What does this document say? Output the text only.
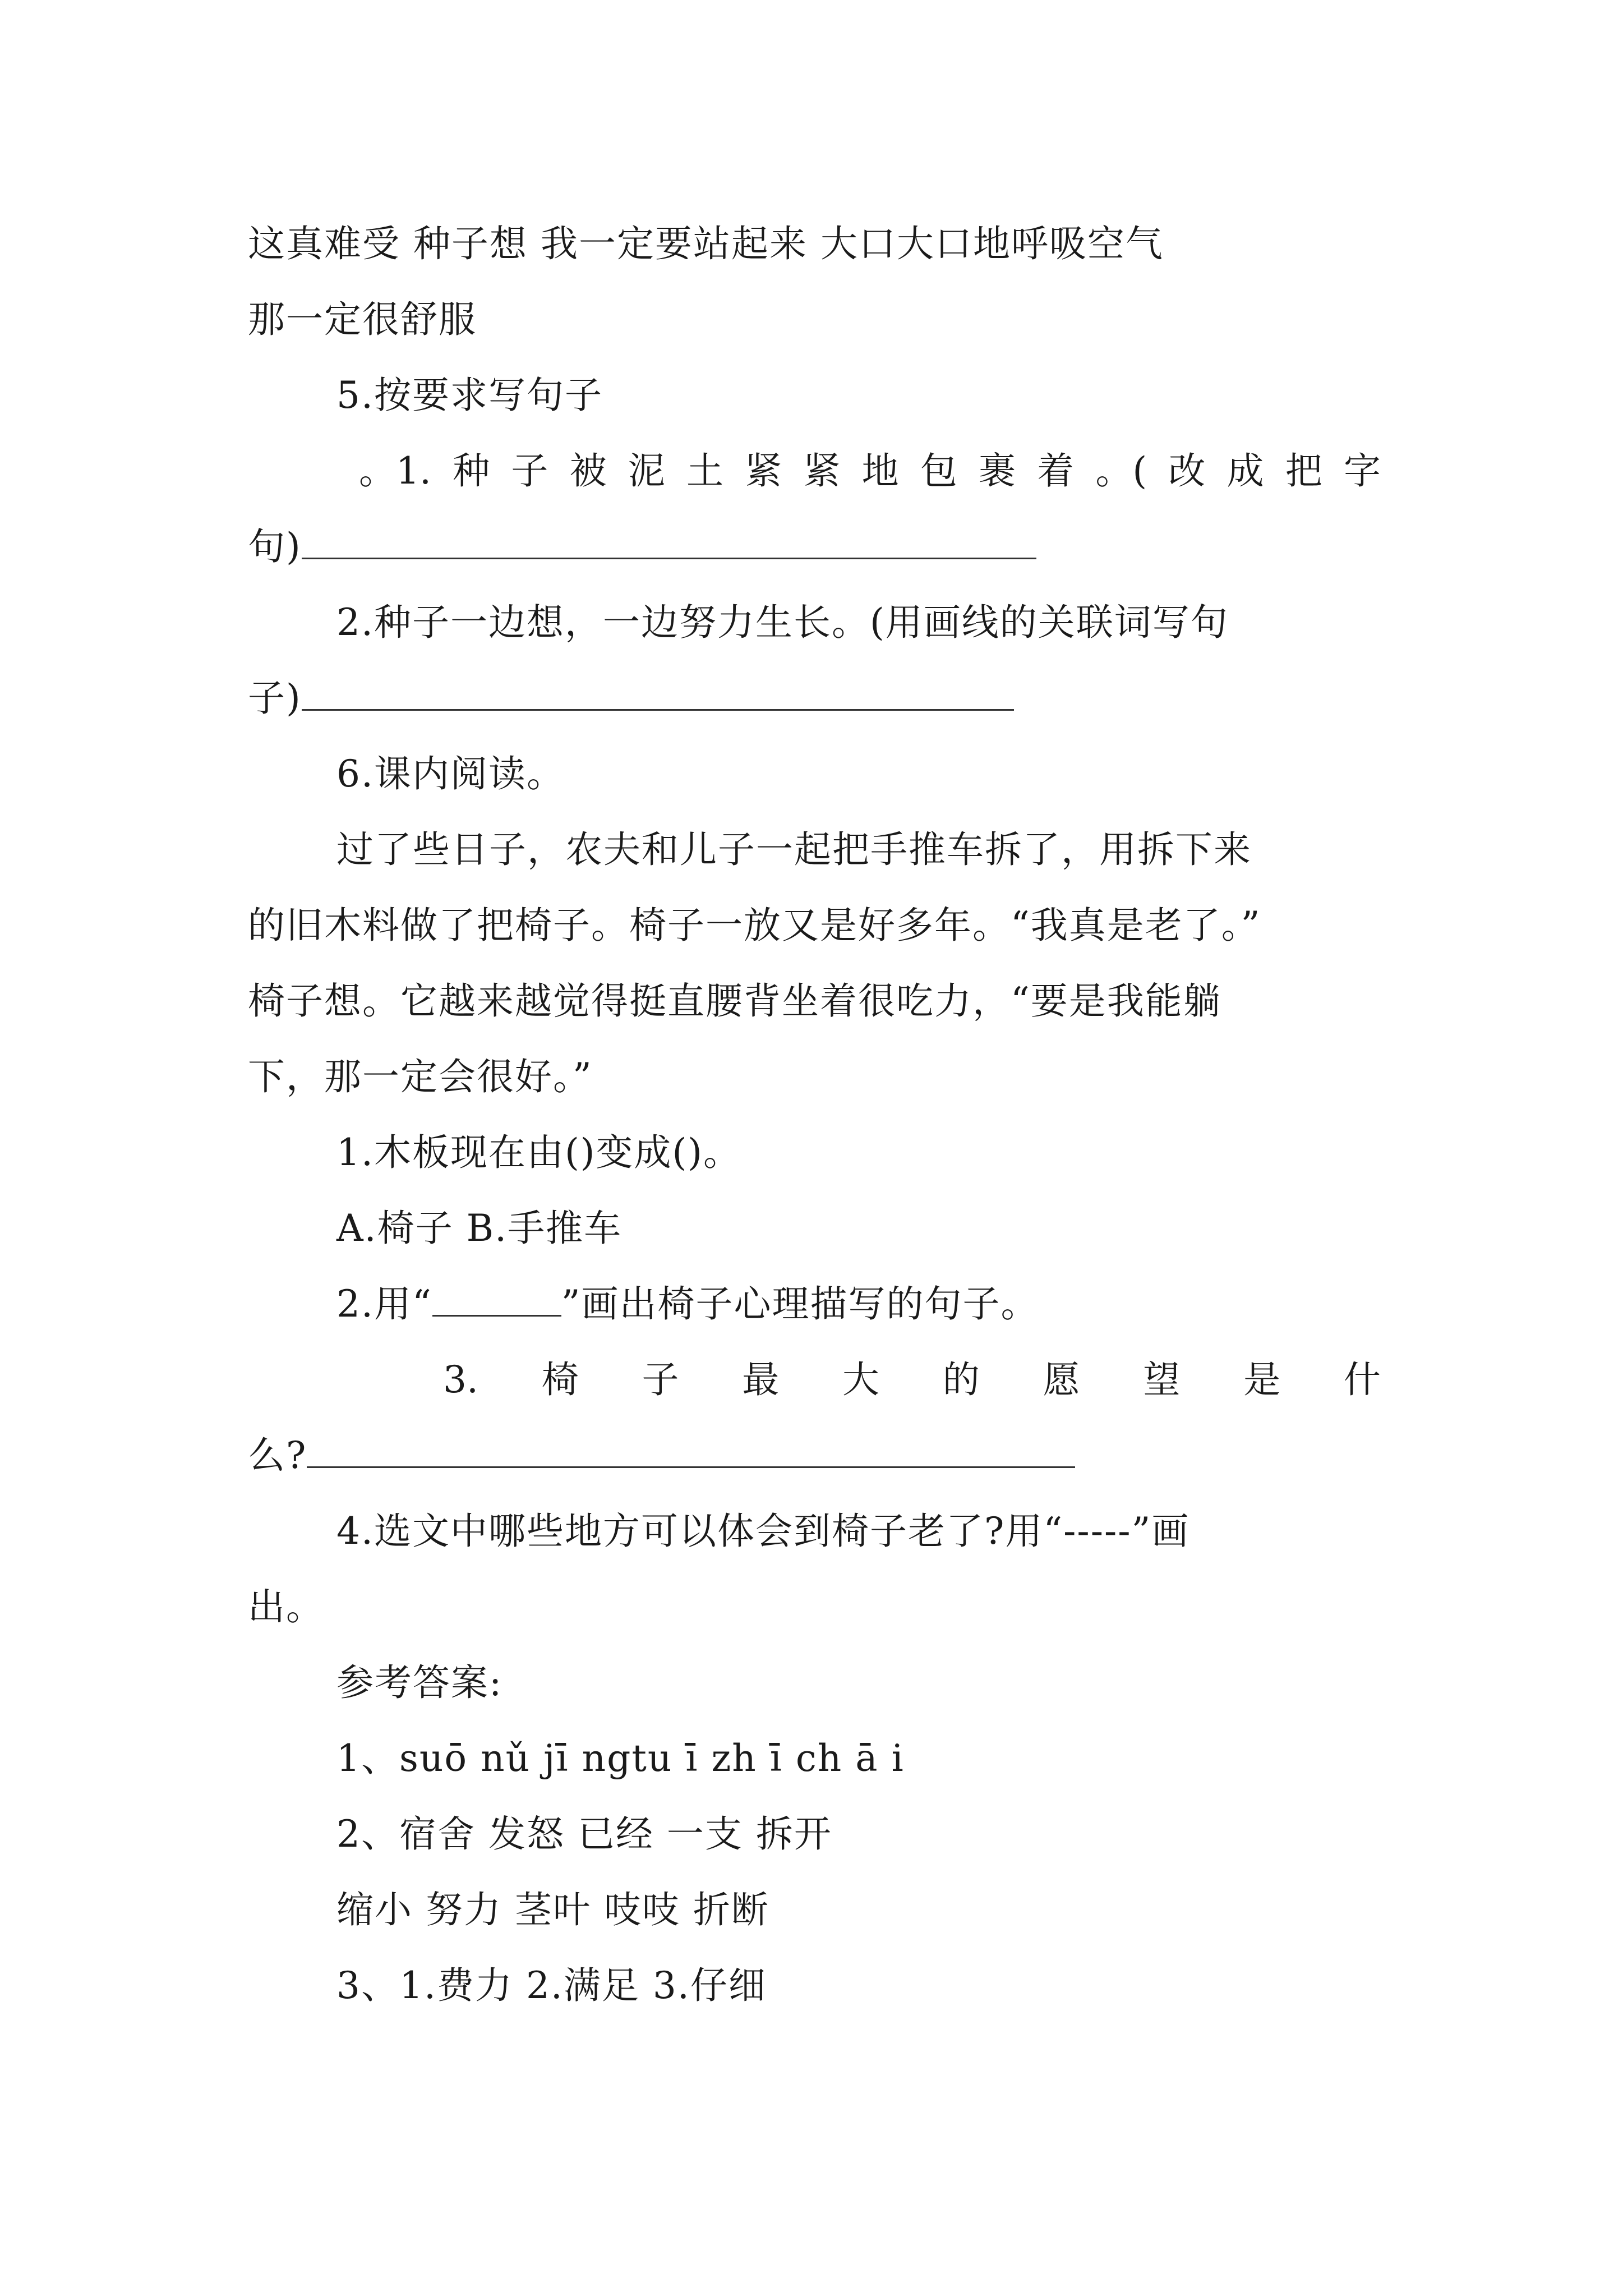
这真难受 种子想 我一定要站起来 大口大口地呼吸空气
那一定很舒服
5.按要求写句子
。1. 种 子 被 泥 土 紧 紧 地 包 裹 着 。( 改 成 把 字
句)
2.种子一边想，一边努力生长。(用画线的关联词写句
子)
6.课内阅读。
过了些日子，农夫和儿子一起把手推车拆了，用拆下来
的旧木料做了把椅子。椅子一放又是好多年。“我真是老了。”
椅子想。它越来越觉得挺直腰背坐着很吃力，“要是我能躺
下，那一定会很好。”
1.木板现在由()变成()。
A.椅子 B.手推车
2.用“	”画出椅子心理描写的句子。
3. 椅 子 最 大 的 愿 望 是 什
么?
4.选文中哪些地方可以体会到椅子老了?用“-----”画
出。
参考答案:
1、suō nǔ jī ngtu ī zh ī ch ā i
2、宿舍 发怒 已经 一支 拆开
缩小 努力 茎叶 吱吱 折断
3、1.费力 2.满足 3.仔细
